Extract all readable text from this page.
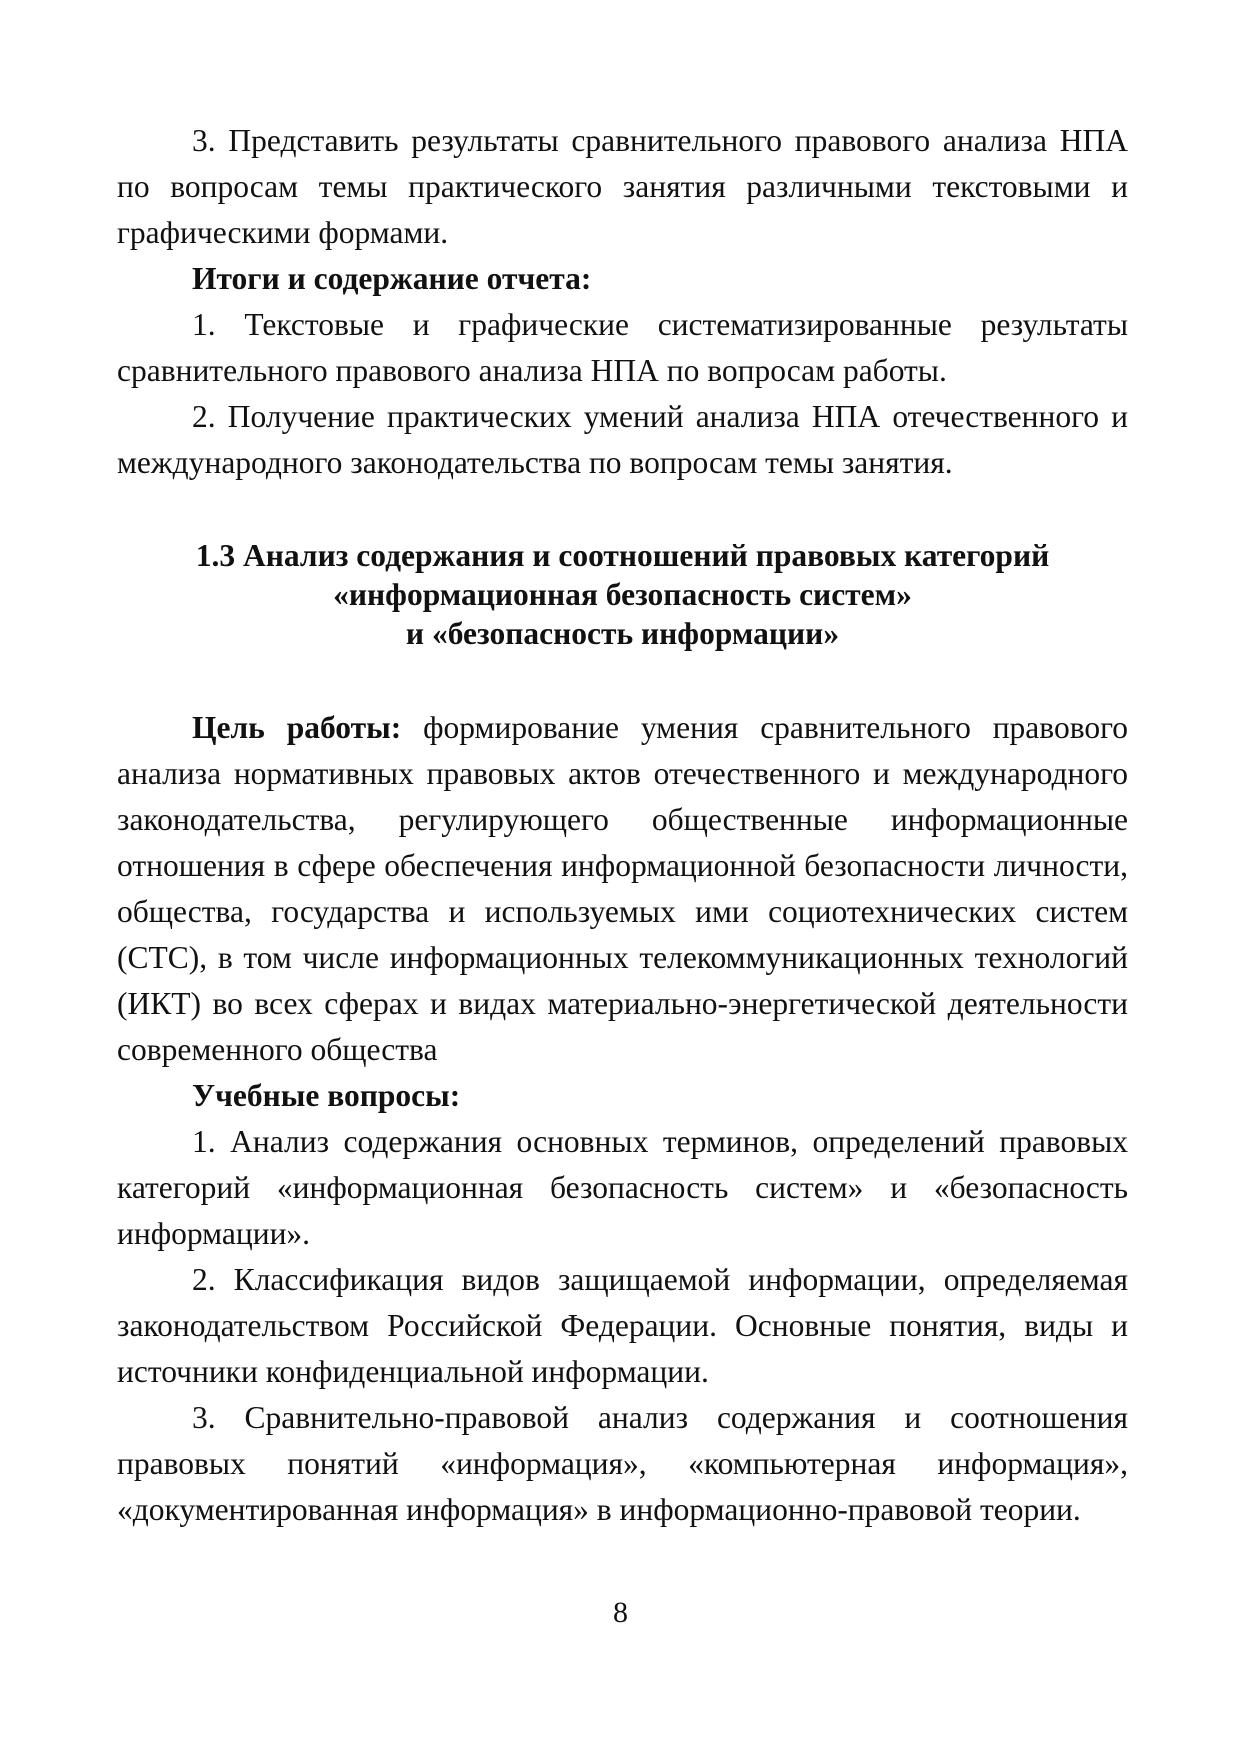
3. Представить результаты сравнительного правового анализа НПА по вопросам темы практического занятия различными текстовыми и графическими формами.

Итоги и содержание отчета:

1. Текстовые и графические систематизированные результаты сравнительного правового анализа НПА по вопросам работы.

2. Получение практических умений анализа НПА отечественного и международного законодательства по вопросам темы занятия.

1.3 Анализ содержания и соотношений правовых категорий
«информационная безопасность систем»
и «безопасность информации»

Цель работы: формирование умения сравнительного правового анализа нормативных правовых актов отечественного и международного законодательства, регулирующего общественные информационные отношения в сфере обеспечения информационной безопасности личности, общества, государства и используемых ими социотехнических систем (СТС), в том числе информационных телекоммуникационных технологий (ИКТ) во всех сферах и видах материально-энергетической деятельности современного общества

Учебные вопросы:

1. Анализ содержания основных терминов, определений правовых категорий «информационная безопасность систем» и «безопасность информации».

2. Классификация видов защищаемой информации, определяемая законодательством Российской Федерации. Основные понятия, виды и источники конфиденциальной информации.

3. Сравнительно-правовой анализ содержания и соотношения правовых понятий «информация», «компьютерная информация», «документированная информация» в информационно-правовой теории.

8
